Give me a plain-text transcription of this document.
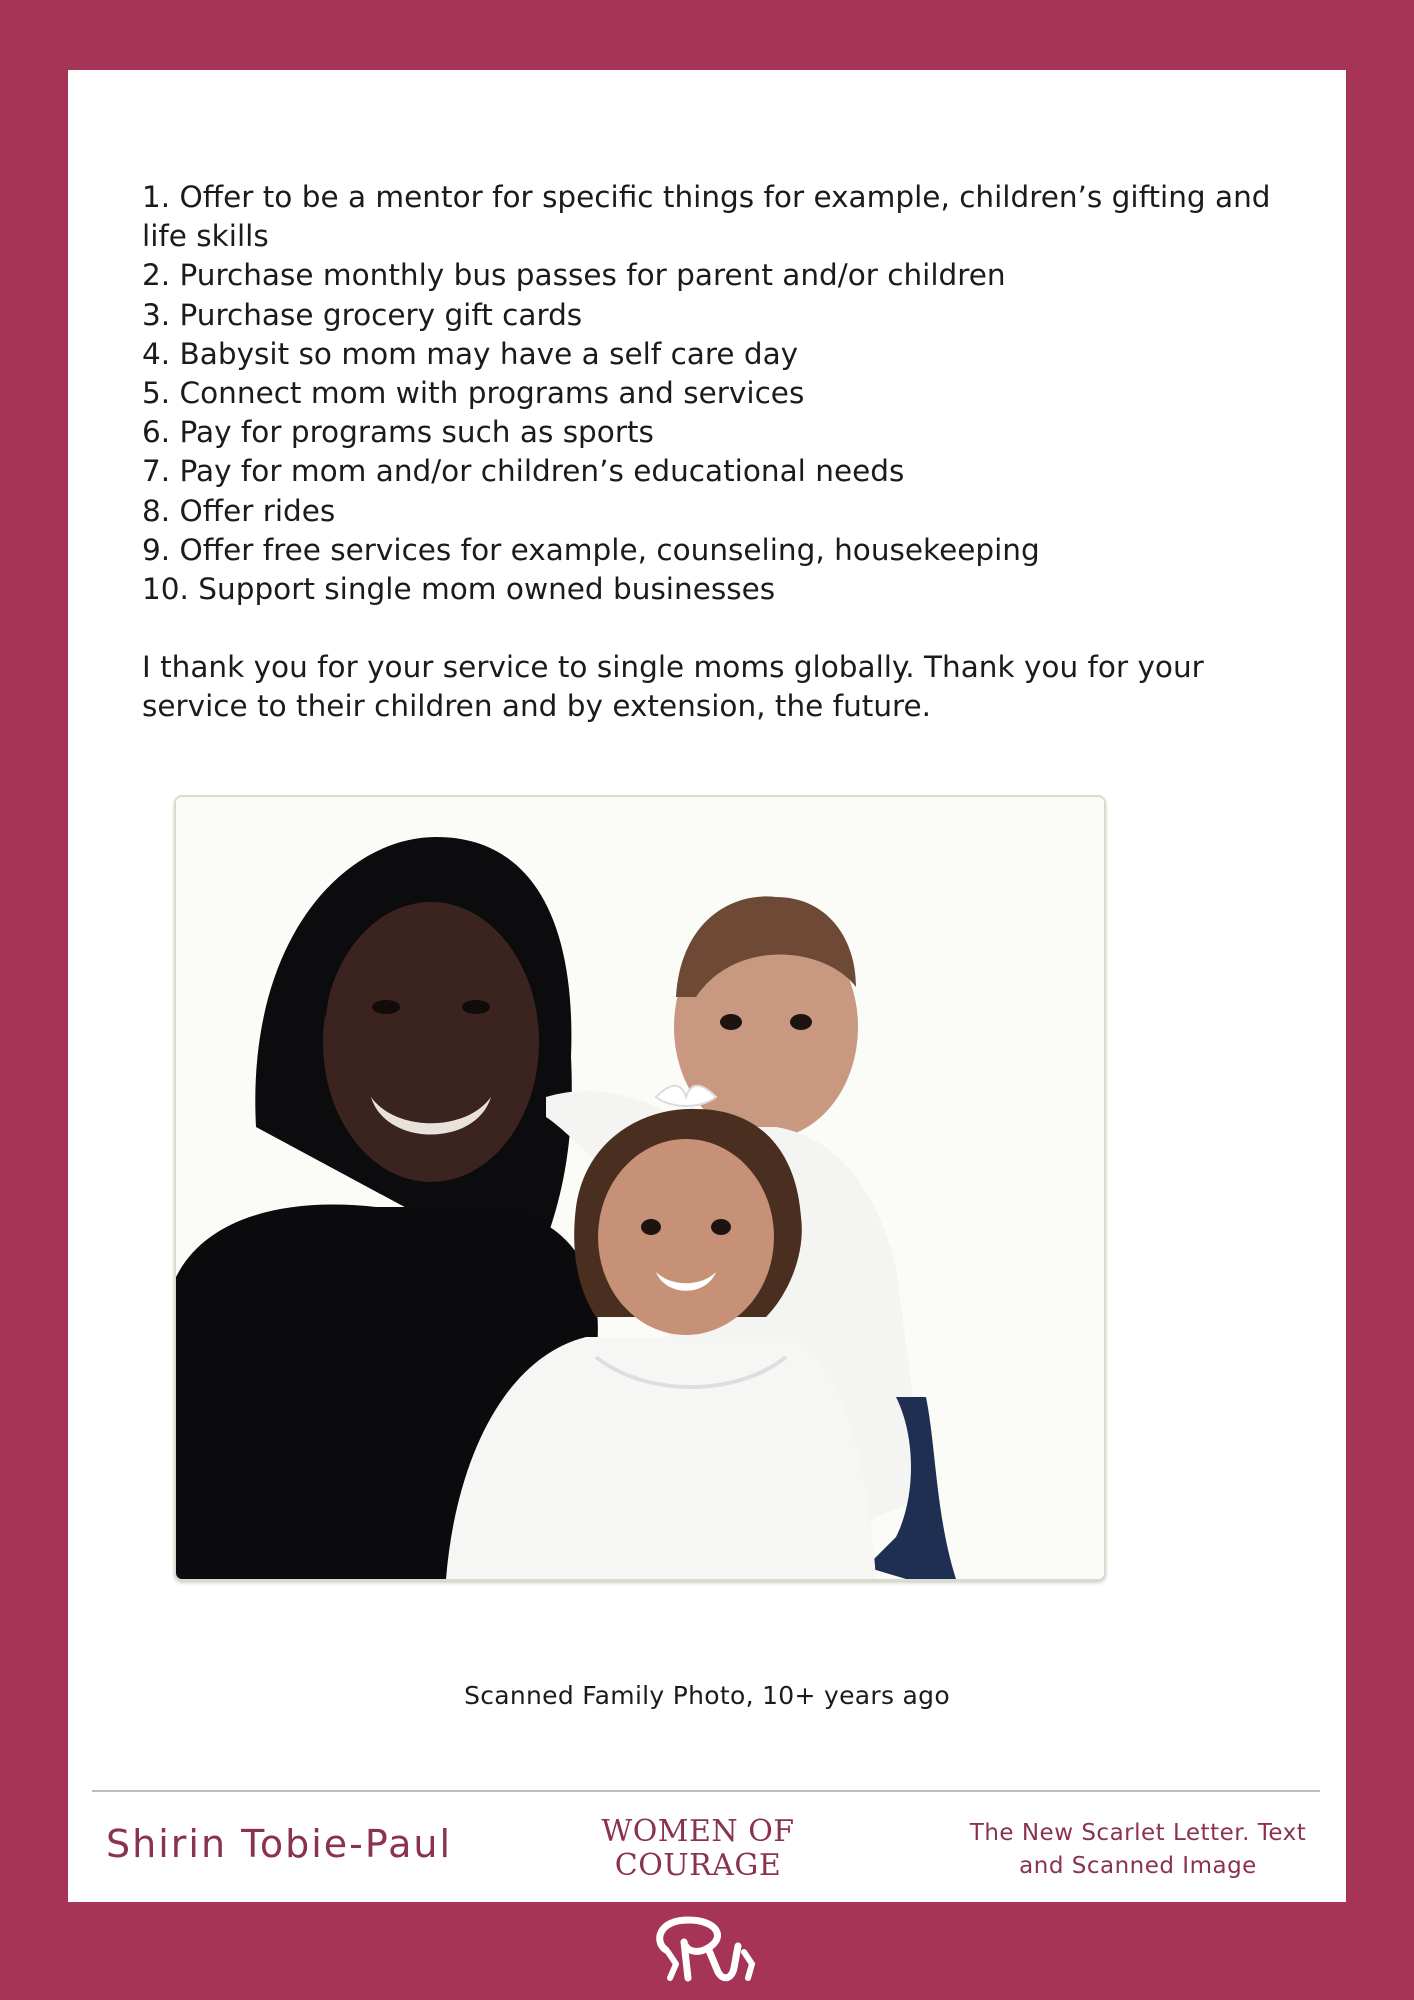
1. Offer to be a mentor for specific things for example, children’s gifting and life skills
2. Purchase monthly bus passes for parent and/or children
3. Purchase grocery gift cards
4. Babysit so mom may have a self care day
5. Connect mom with programs and services
6. Pay for programs such as sports
7. Pay for mom and/or children’s educational needs
8. Offer rides
9. Offer free services for example, counseling, housekeeping
10. Support single mom owned businesses

I thank you for your service to single moms globally. Thank you for your service to their children and by extension, the future.

Scanned Family Photo, 10+ years ago
Shirin Tobie-Paul	WOMEN OF
COURAGE
The New Scarlet Letter. Text and Scanned Image
